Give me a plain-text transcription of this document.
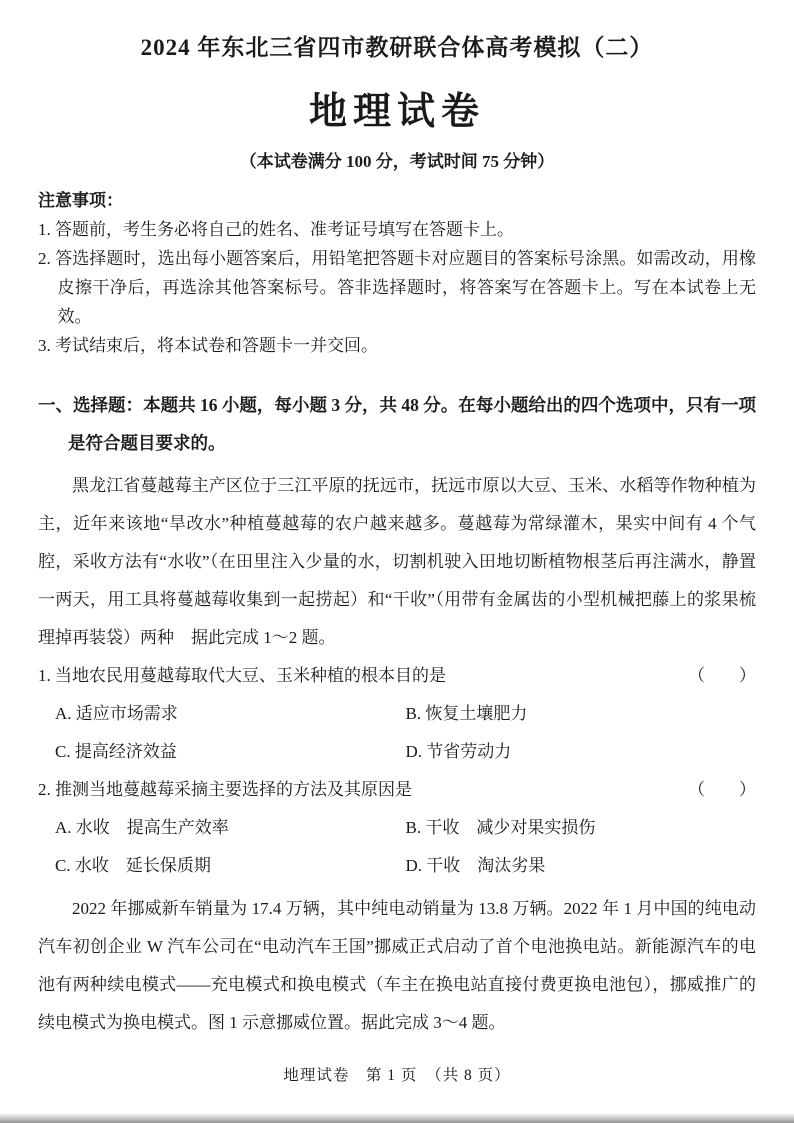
2024 年东北三省四市教研联合体高考模拟（二）
地理试卷
（本试卷满分 100 分，考试时间 75 分钟）
注意事项：

1. 答题前，考生务必将自己的姓名、准考证号填写在答题卡上。

2. 答选择题时，选出每小题答案后，用铅笔把答题卡对应题目的答案标号涂黑。如需改动，用橡皮擦干净后，再选涂其他答案标号。答非选择题时，将答案写在答题卡上。写在本试卷上无效。

3. 考试结束后，将本试卷和答题卡一并交回。

一、选择题：本题共 16 小题，每小题 3 分，共 48 分。在每小题给出的四个选项中，只有一项是符合题目要求的。

黑龙江省蔓越莓主产区位于三江平原的抚远市，抚远市原以大豆、玉米、水稻等作物种植为主，近年来该地“旱改水”种植蔓越莓的农户越来越多。蔓越莓为常绿灌木，果实中间有 4 个气腔，采收方法有“水收”（在田里注入少量的水，切割机驶入田地切断植物根茎后再注满水，静置一两天，用工具将蔓越莓收集到一起捞起）和“干收”（用带有金属齿的小型机械把藤上的浆果梳理掉再装袋）两种　据此完成 1～2 题。

1. 当地农民用蔓越莓取代大豆、玉米种植的根本目的是	（　　）
A. 适应市场需求	B. 恢复土壤肥力
C. 提高经济效益	D. 节省劳动力
2. 推测当地蔓越莓采摘主要选择的方法及其原因是	（　　）
A. 水收　提高生产效率	B. 干收　减少对果实损伤
C. 水收　延长保质期	D. 干收　淘汰劣果

2022 年挪威新车销量为 17.4 万辆，其中纯电动销量为 13.8 万辆。2022 年 1 月中国的纯电动汽车初创企业 W 汽车公司在“电动汽车王国”挪威正式启动了首个电池换电站。新能源汽车的电池有两种续电模式——充电模式和换电模式（车主在换电站直接付费更换电池包），挪威推广的续电模式为换电模式。图 1 示意挪威位置。据此完成 3～4 题。

地理试卷　第 1 页　（共 8 页）
